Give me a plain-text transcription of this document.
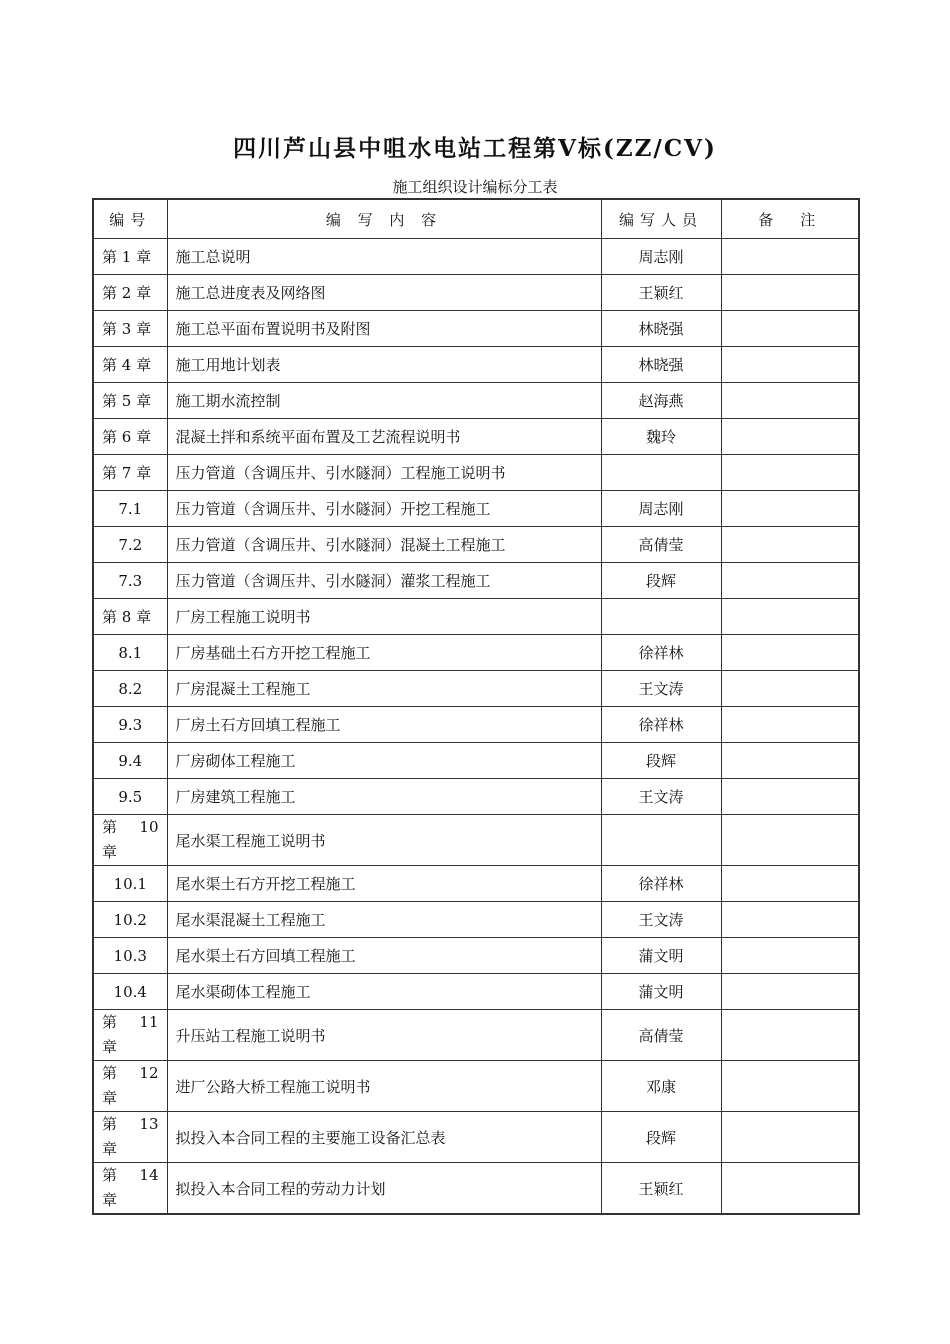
四川芦山县中咀水电站工程第Ⅴ标(ZZ/CⅤ)
施工组织设计编标分工表
编号	编 写 内 容	编写人员	备　注
第 1 章	施工总说明	周志刚	
第 2 章	施工总进度表及网络图	王颖红	
第 3 章	施工总平面布置说明书及附图	林晓强	
第 4 章	施工用地计划表	林晓强	
第 5 章	施工期水流控制	赵海燕	
第 6 章	混凝土拌和系统平面布置及工艺流程说明书	魏玲	
第 7 章	压力管道（含调压井、引水隧洞）工程施工说明书		
7.1	压力管道（含调压井、引水隧洞）开挖工程施工	周志刚	
7.2	压力管道（含调压井、引水隧洞）混凝土工程施工	高倩莹	
7.3	压力管道（含调压井、引水隧洞）灌浆工程施工	段辉	
第 8 章	厂房工程施工说明书		
8.1	厂房基础土石方开挖工程施工	徐祥林	
8.2	厂房混凝土工程施工	王文涛	
9.3	厂房土石方回填工程施工	徐祥林	
9.4	厂房砌体工程施工	段辉	
9.5	厂房建筑工程施工	王文涛	
第 10 章	尾水渠工程施工说明书		
10.1	尾水渠土石方开挖工程施工	徐祥林	
10.2	尾水渠混凝土工程施工	王文涛	
10.3	尾水渠土石方回填工程施工	蒲文明	
10.4	尾水渠砌体工程施工	蒲文明	
第 11 章	升压站工程施工说明书	高倩莹	
第 12 章	进厂公路大桥工程施工说明书	邓康	
第 13 章	拟投入本合同工程的主要施工设备汇总表	段辉	
第 14 章	拟投入本合同工程的劳动力计划	王颖红	
